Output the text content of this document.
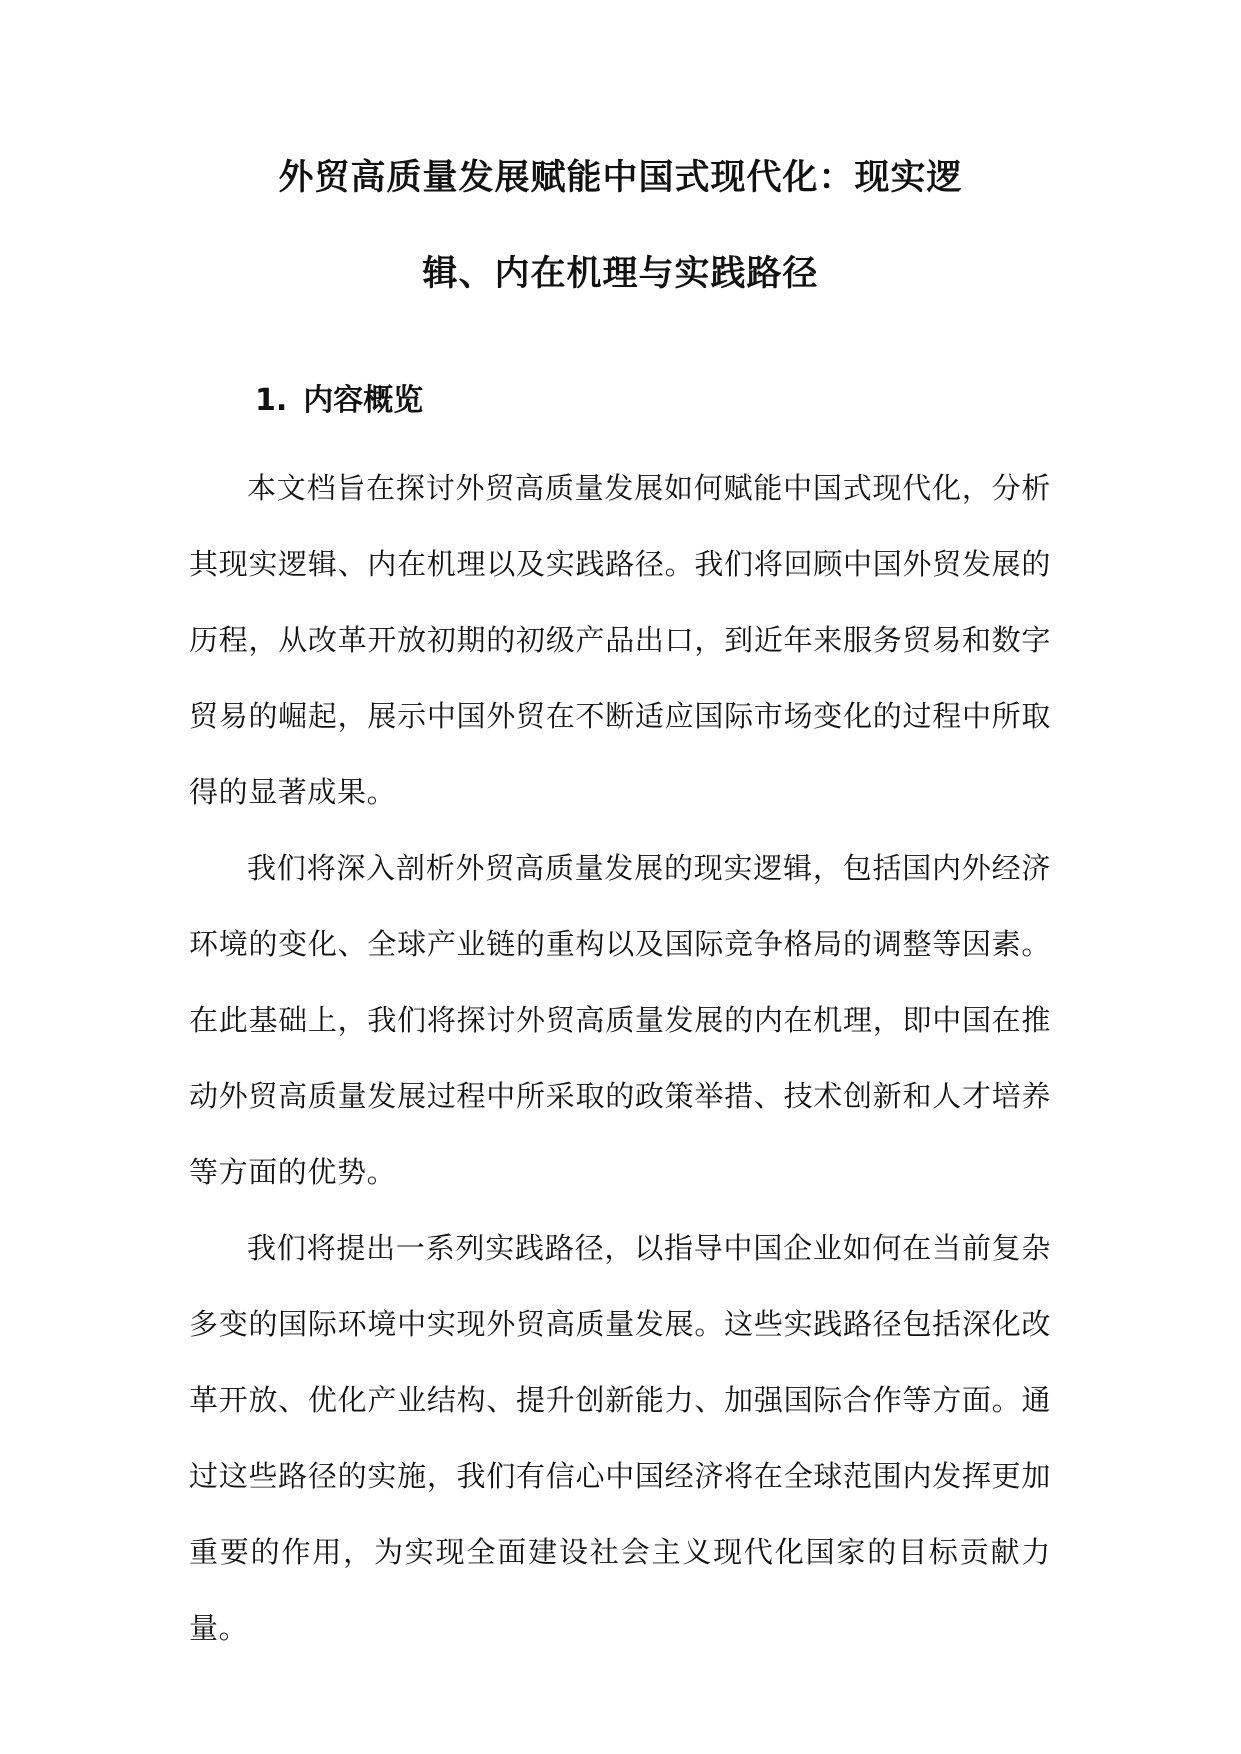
外贸高质量发展赋能中国式现代化：现实逻
辑、内在机理与实践路径
1. 内容概览

本文档旨在探讨外贸高质量发展如何赋能中国式现代化，分析其现实逻辑、内在机理以及实践路径。我们将回顾中国外贸发展的历程，从改革开放初期的初级产品出口，到近年来服务贸易和数字贸易的崛起，展示中国外贸在不断适应国际市场变化的过程中所取得的显著成果。

我们将深入剖析外贸高质量发展的现实逻辑，包括国内外经济环境的变化、全球产业链的重构以及国际竞争格局的调整等因素。在此基础上，我们将探讨外贸高质量发展的内在机理，即中国在推动外贸高质量发展过程中所采取的政策举措、技术创新和人才培养等方面的优势。

我们将提出一系列实践路径，以指导中国企业如何在当前复杂多变的国际环境中实现外贸高质量发展。这些实践路径包括深化改革开放、优化产业结构、提升创新能力、加强国际合作等方面。通过这些路径的实施，我们有信心中国经济将在全球范围内发挥更加重要的作用，为实现全面建设社会主义现代化国家的目标贡献力量。
